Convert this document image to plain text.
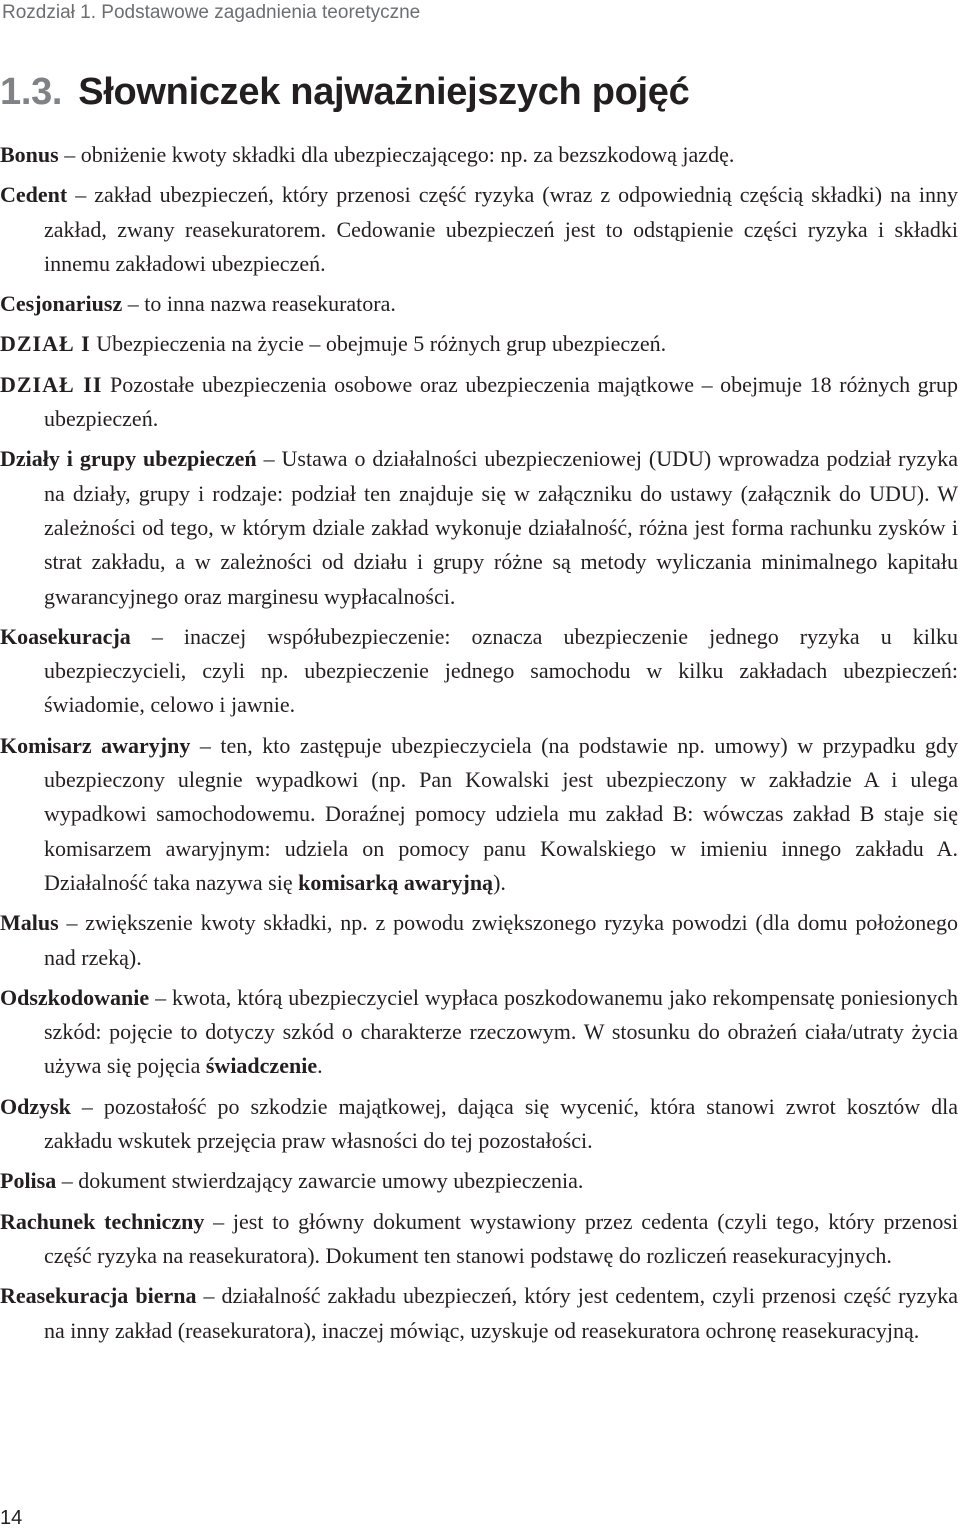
Rozdział 1. Podstawowe zagadnienia teoretyczne
1.3. Słowniczek najważniejszych pojęć

Bonus – obniżenie kwoty składki dla ubezpieczającego: np. za bezszkodową jazdę.

Cedent – zakład ubezpieczeń, który przenosi część ryzyka (wraz z odpowiednią częścią składki) na inny zakład, zwany reasekuratorem. Cedowanie ubezpieczeń jest to odstąpienie części ryzyka i składki innemu zakładowi ubezpieczeń.

Cesjonariusz – to inna nazwa reasekuratora.

DZIAŁ I Ubezpieczenia na życie – obejmuje 5 różnych grup ubezpieczeń.

DZIAŁ II Pozostałe ubezpieczenia osobowe oraz ubezpieczenia majątkowe – obejmuje 18 różnych grup ubezpieczeń.

Działy i grupy ubezpieczeń – Ustawa o działalności ubezpieczeniowej (UDU) wprowadza podział ryzyka na działy, grupy i rodzaje: podział ten znajduje się w załączniku do ustawy (załącznik do UDU). W zależności od tego, w którym dziale zakład wykonuje działalność, różna jest forma rachunku zysków i strat zakładu, a w zależności od działu i grupy różne są metody wyliczania minimalnego kapitału gwarancyjnego oraz marginesu wypłacalności.

Koasekuracja – inaczej współubezpieczenie: oznacza ubezpieczenie jednego ryzyka u kilku ubezpieczycieli, czyli np. ubezpieczenie jednego samochodu w kilku zakładach ubezpieczeń: świadomie, celowo i jawnie.

Komisarz awaryjny – ten, kto zastępuje ubezpieczyciela (na podstawie np. umowy) w przypadku gdy ubezpieczony ulegnie wypadkowi (np. Pan Kowalski jest ubezpieczony w zakładzie A i ulega wypadkowi samochodowemu. Doraźnej pomocy udziela mu zakład B: wówczas zakład B staje się komisarzem awaryjnym: udziela on pomocy panu Kowalskiego w imieniu innego zakładu A. Działalność taka nazywa się komisarką awaryjną).

Malus – zwiększenie kwoty składki, np. z powodu zwiększonego ryzyka powodzi (dla domu położonego nad rzeką).

Odszkodowanie – kwota, którą ubezpieczyciel wypłaca poszkodowanemu jako rekompensatę poniesionych szkód: pojęcie to dotyczy szkód o charakterze rzeczowym. W stosunku do obrażeń ciała/utraty życia używa się pojęcia świadczenie.

Odzysk – pozostałość po szkodzie majątkowej, dająca się wycenić, która stanowi zwrot kosztów dla zakładu wskutek przejęcia praw własności do tej pozostałości.

Polisa – dokument stwierdzający zawarcie umowy ubezpieczenia.

Rachunek techniczny – jest to główny dokument wystawiony przez cedenta (czyli tego, który przenosi część ryzyka na reasekuratora). Dokument ten stanowi podstawę do rozliczeń reasekuracyjnych.

Reasekuracja bierna – działalność zakładu ubezpieczeń, który jest cedentem, czyli przenosi część ryzyka na inny zakład (reasekuratora), inaczej mówiąc, uzyskuje od reasekuratora ochronę reasekuracyjną.

14
